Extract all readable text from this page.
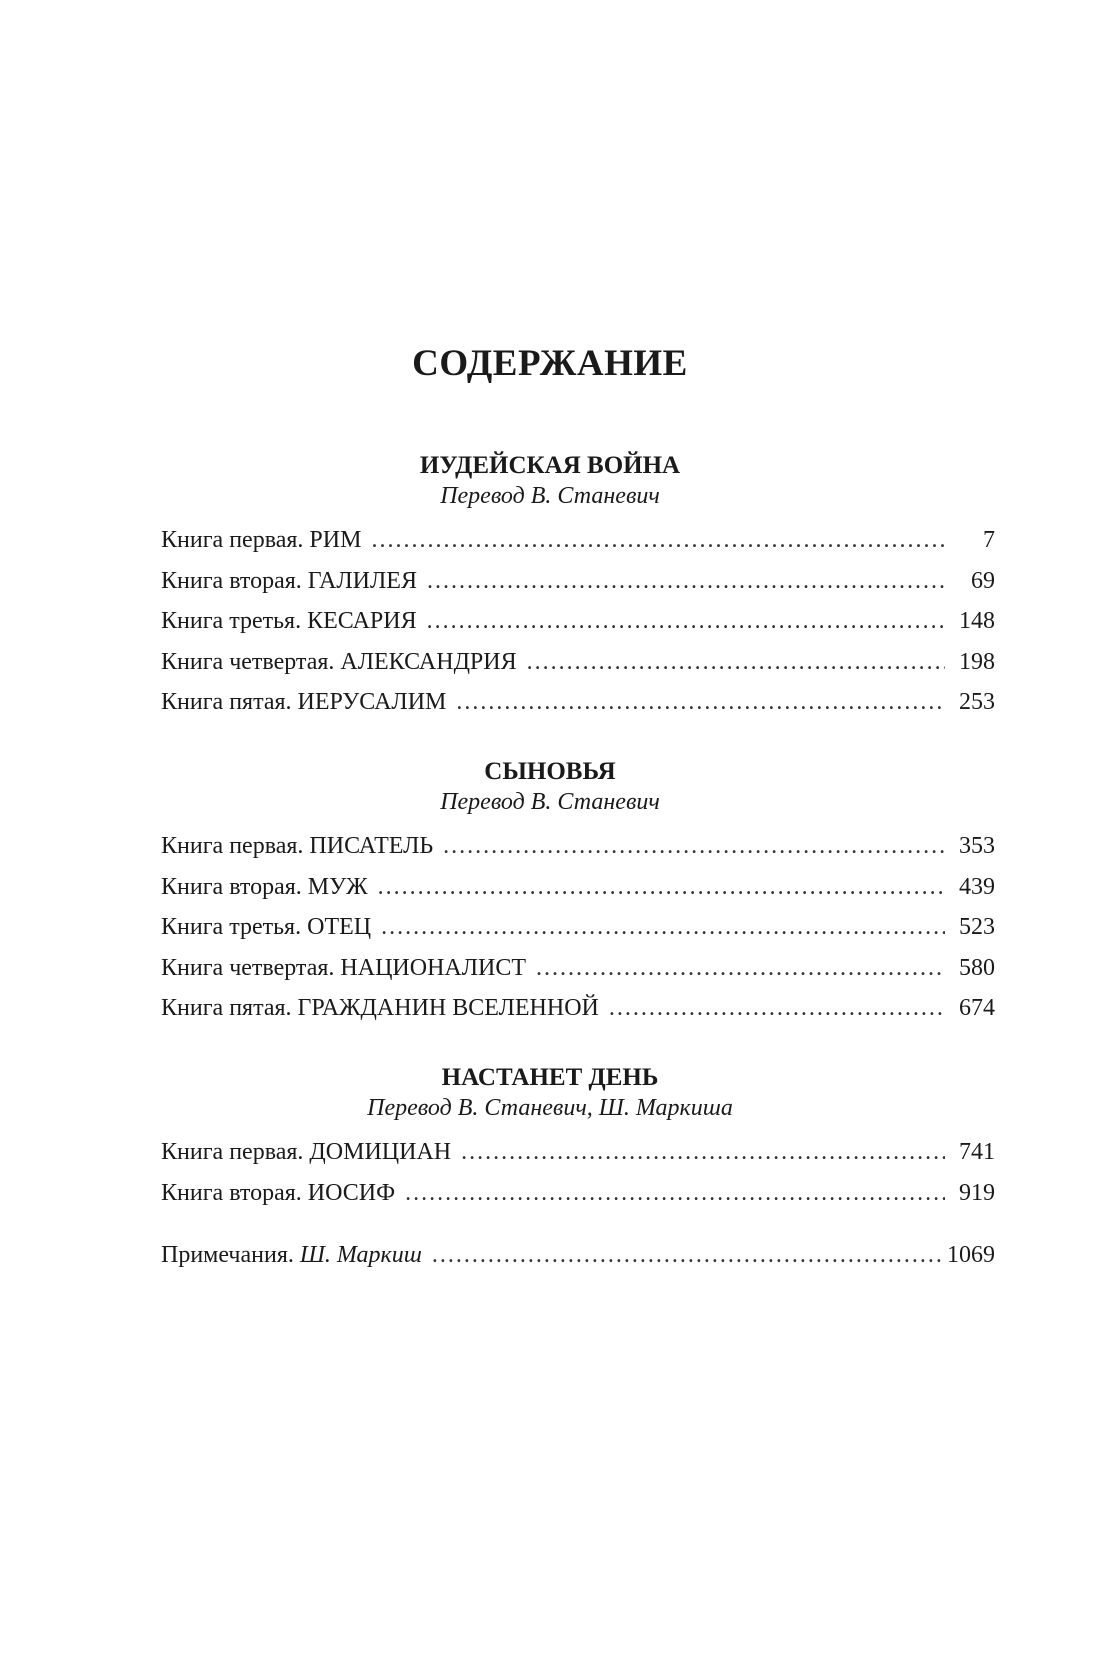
СОДЕРЖАНИЕ
ИУДЕЙСКАЯ ВОЙНА
Перевод В. Станевич
Книга первая. РИМ . . .	7
Книга вторая. ГАЛИЛЕЯ . . .	69
Книга третья. КЕСАРИЯ . . .	148
Книга четвертая. АЛЕКСАНДРИЯ . . .	198
Книга пятая. ИЕРУСАЛИМ . . .	253
СЫНОВЬЯ
Перевод В. Станевич
Книга первая. ПИСАТЕЛЬ . . .	353
Книга вторая. МУЖ . . .	439
Книга третья. ОТЕЦ . . .	523
Книга четвертая. НАЦИОНАЛИСТ . . .	580
Книга пятая. ГРАЖДАНИН ВСЕЛЕННОЙ . . .	674
НАСТАНЕТ ДЕНЬ
Перевод В. Станевич, Ш. Маркиша
Книга первая. ДОМИЦИАН . . .	741
Книга вторая. ИОСИФ . . .	919
Примечания. Ш. Маркиш . . .	1069
